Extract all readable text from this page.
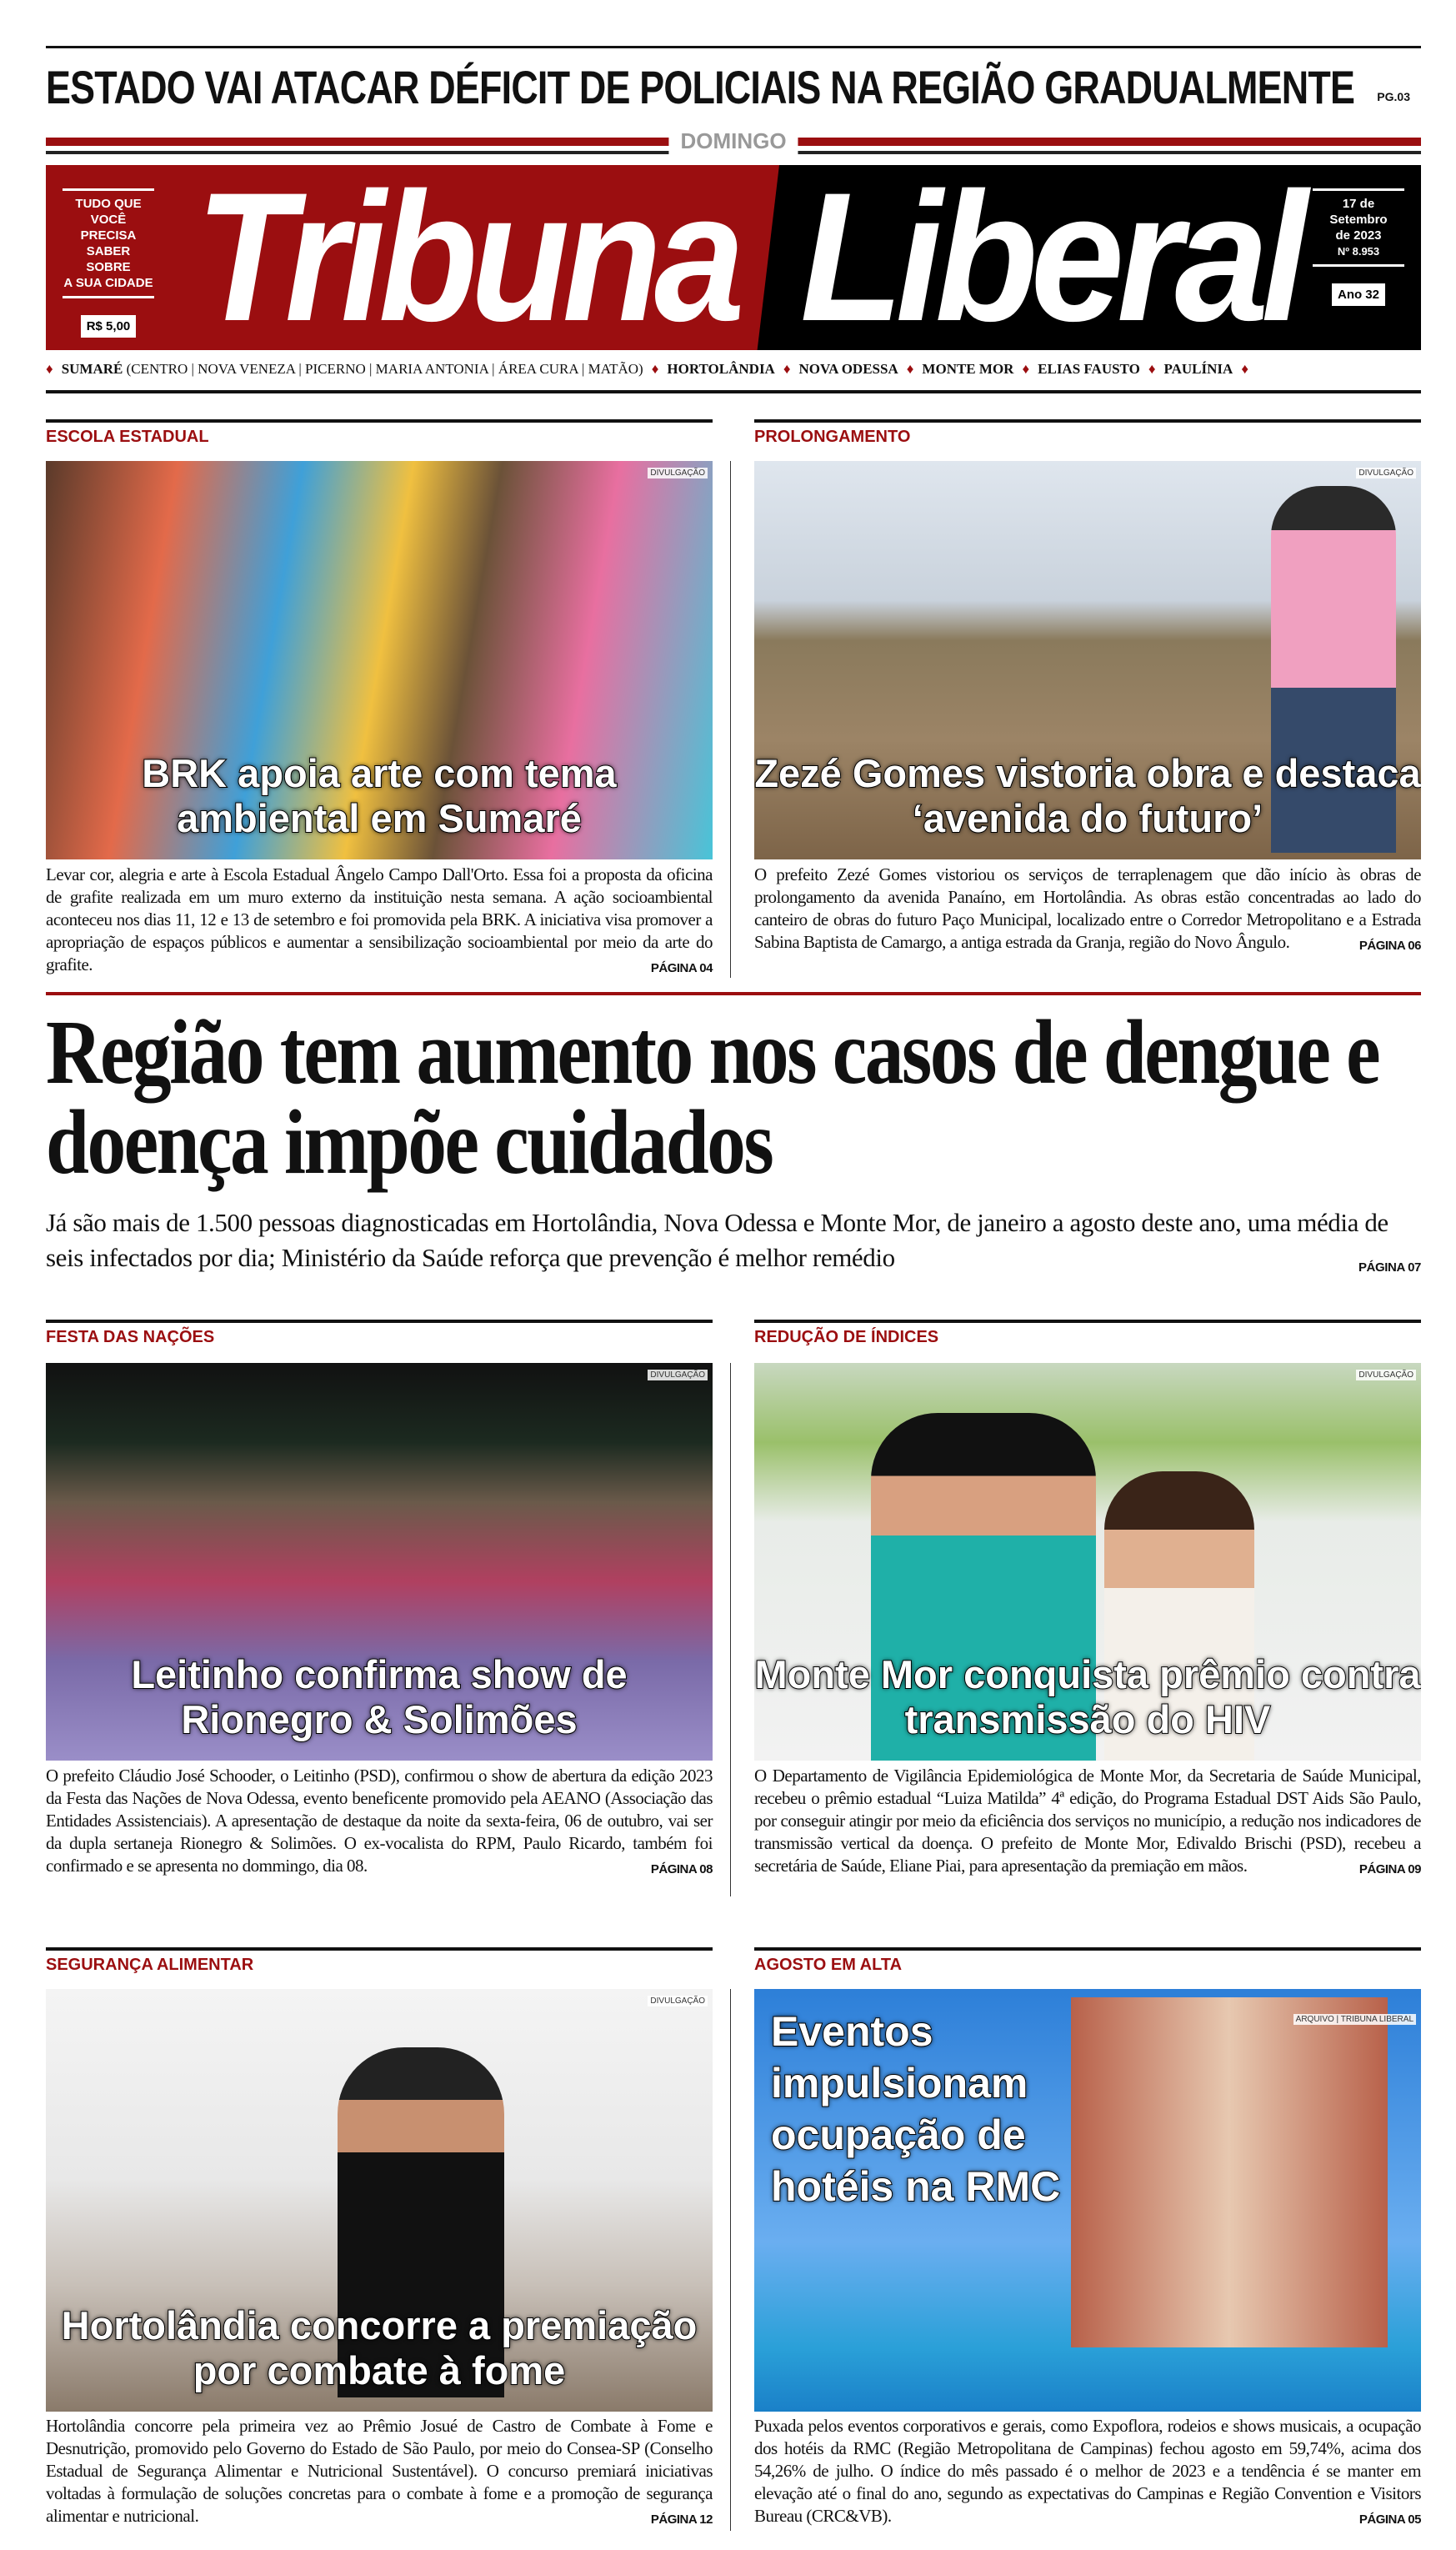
ESTADO VAI ATACAR DÉFICIT DE POLICIAIS NA REGIÃO GRADUALMENTE PG.03
DOMINGO
TUDO QUE
VOCÊ PRECISA
SABER SOBRE
A SUA CIDADE
R$ 5,00 Tribuna Liberal	17 de
Setembro
de 2023
Nº 8.953
Ano 32
♦ SUMARÉ (CENTRO | NOVA VENEZA | PICERNO | MARIA ANTONIA | ÁREA CURA | MATÃO) ♦ HORTOLÂNDIA ♦ NOVA ODESSA ♦ MONTE MOR ♦ ELIAS FAUSTO ♦ PAULÍNIA ♦
ESCOLA ESTADUAL
DIVULGAÇÃO
BRK apoia arte com tema ambiental em Sumaré
Levar cor, alegria e arte à Escola Estadual Ângelo Campo Dall'Orto. Essa foi a proposta da oficina de grafite realizada em um muro externo da instituição nesta semana. A ação socioambiental aconteceu nos dias 11, 12 e 13 de setembro e foi promovida pela BRK. A iniciativa visa promover a apropriação de espaços públicos e aumentar a sensibilização socioambiental por meio da arte do grafite.	PÁGINA 04
PROLONGAMENTO
DIVULGAÇÃO
Zezé Gomes vistoria obra e destaca ‘avenida do futuro’
O prefeito Zezé Gomes vistoriou os serviços de terraplenagem que dão início às obras de prolongamento da avenida Panaíno, em Hortolândia. As obras estão concentradas ao lado do canteiro de obras do futuro Paço Municipal, localizado entre o Corredor Metropolitano e a Estrada Sabina Baptista de Camargo, a antiga estrada da Granja, região do Novo Ângulo.	PÁGINA 06
Região tem aumento nos casos de dengue e doença impõe cuidados
Já são mais de 1.500 pessoas diagnosticadas em Hortolândia, Nova Odessa e Monte Mor, de janeiro a agosto deste ano, uma média de seis infectados por dia; Ministério da Saúde reforça que prevenção é melhor remédio	PÁGINA 07
FESTA DAS NAÇÕES
DIVULGAÇÃO
Leitinho confirma show de Rionegro & Solimões
O prefeito Cláudio José Schooder, o Leitinho (PSD), confirmou o show de abertura da edição 2023 da Festa das Nações de Nova Odessa, evento beneficente promovido pela AEANO (Associação das Entidades Assistenciais). A apresentação de destaque da noite da sexta-feira, 06 de outubro, vai ser da dupla sertaneja Rionegro & Solimões. O ex-vocalista do RPM, Paulo Ricardo, também foi confirmado e se apresenta no dommingo, dia 08.	PÁGINA 08
REDUÇÃO DE ÍNDICES
DIVULGAÇÃO
Monte Mor conquista prêmio contra transmissão do HIV
O Departamento de Vigilância Epidemiológica de Monte Mor, da Secretaria de Saúde Municipal, recebeu o prêmio estadual “Luiza Matilda” 4ª edição, do Programa Estadual DST Aids São Paulo, por conseguir atingir por meio da eficiência dos serviços no município, a redução nos indicadores de transmissão vertical da doença. O prefeito de Monte Mor, Edivaldo Brischi (PSD), recebeu a secretária de Saúde, Eliane Piai, para apresentação da premiação em mãos.	PÁGINA 09
SEGURANÇA ALIMENTAR
DIVULGAÇÃO
Hortolândia concorre a premiação por combate à fome
Hortolândia concorre pela primeira vez ao Prêmio Josué de Castro de Combate à Fome e Desnutrição, promovido pelo Governo do Estado de São Paulo, por meio do Consea-SP (Conselho Estadual de Segurança Alimentar e Nutricional Sustentável). O concurso premiará iniciativas voltadas à formulação de soluções concretas para o combate à fome e a promoção de segurança alimentar e nutricional.	PÁGINA 12
AGOSTO EM ALTA
ARQUIVO | TRIBUNA LIBERAL
Eventos impulsionam ocupação de hotéis na RMC
Puxada pelos eventos corporativos e gerais, como Expoflora, rodeios e shows musicais, a ocupação dos hotéis da RMC (Região Metropolitana de Campinas) fechou agosto em 59,74%, acima dos 54,26% de julho. O índice do mês passado é o melhor de 2023 e a tendência é se manter em elevação até o final do ano, segundo as expectativas do Campinas e Região Convention e Visitors Bureau (CRC&VB).	PÁGINA 05
